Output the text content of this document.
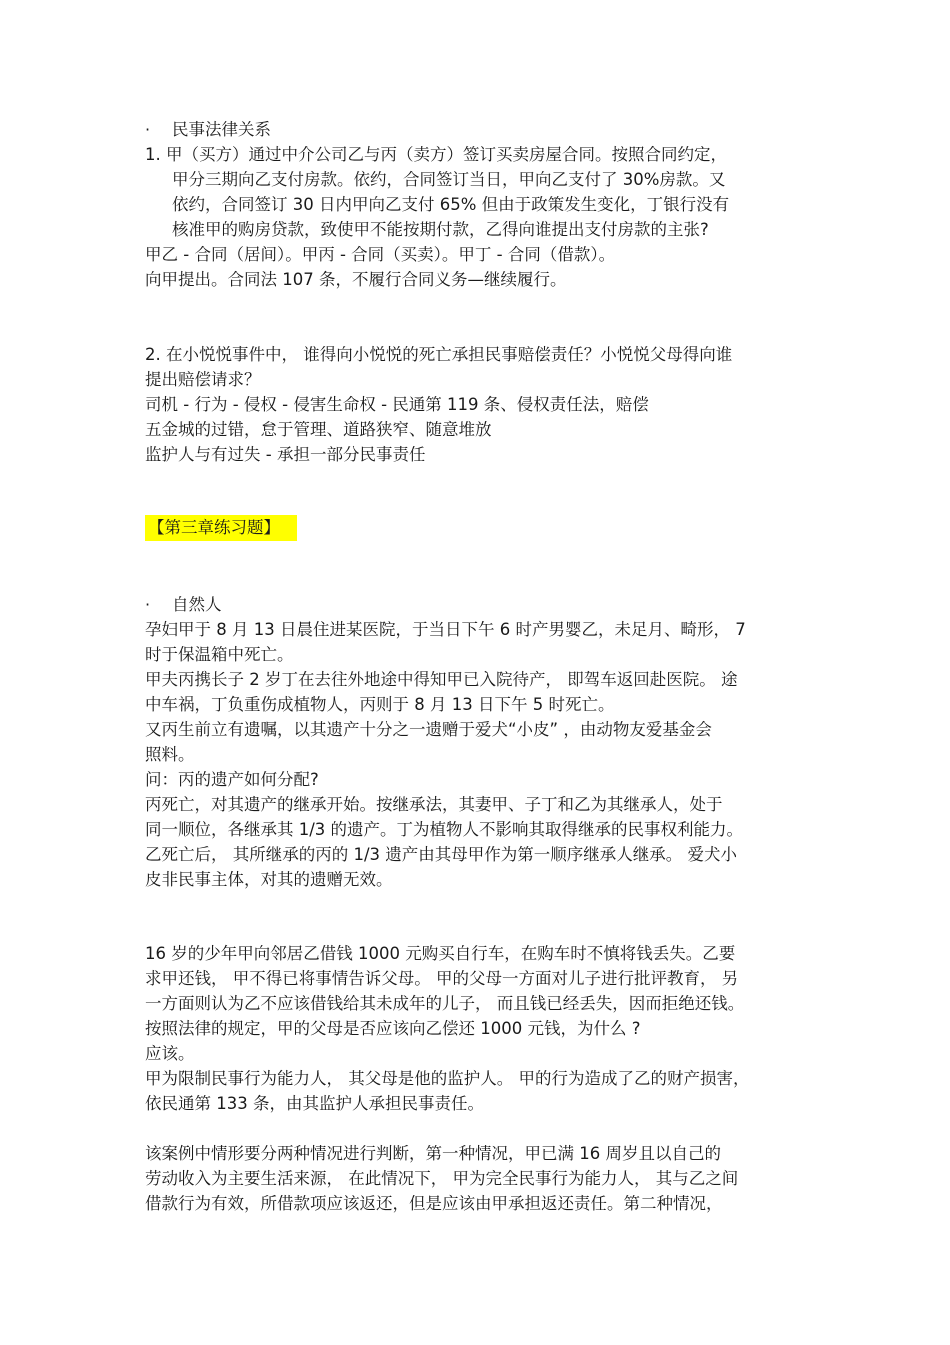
· 民事法律关系
1. 甲（买方）通过中介公司乙与丙（卖方）签订买卖房屋合同。按照合同约定，
甲分三期向乙支付房款。依约，合同签订当日，甲向乙支付了 30%房款。又
依约，合同签订 30 日内甲向乙支付 65% 但由于政策发生变化，丁银行没有
核准甲的购房贷款，致使甲不能按期付款，乙得向谁提出支付房款的主张?
甲乙 - 合同（居间）。甲丙 - 合同（买卖）。甲丁 - 合同（借款）。
向甲提出。合同法 107 条，不履行合同义务—继续履行。
2. 在小悦悦事件中， 谁得向小悦悦的死亡承担民事赔偿责任？小悦悦父母得向谁
提出赔偿请求？
司机 - 行为 - 侵权 - 侵害生命权 - 民通第 119 条、侵权责任法，赔偿
五金城的过错，怠于管理、道路狭窄、随意堆放
监护人与有过失 - 承担一部分民事责任
【第三章练习题】
· 自然人
孕妇甲于 8 月 13 日晨住进某医院，于当日下午 6 时产男婴乙，未足月、畸形， 7
时于保温箱中死亡。
甲夫丙携长子 2 岁丁在去往外地途中得知甲已入院待产， 即驾车返回赴医院。 途
中车祸，丁负重伤成植物人，丙则于 8 月 13 日下午 5 时死亡。
又丙生前立有遗嘱，以其遗产十分之一遗赠于爱犬“小皮” ，由动物友爱基金会
照料。
问：丙的遗产如何分配?
丙死亡，对其遗产的继承开始。按继承法，其妻甲、子丁和乙为其继承人，处于
同一顺位，各继承其 1/3 的遗产。丁为植物人不影响其取得继承的民事权利能力。
乙死亡后， 其所继承的丙的 1/3 遗产由其母甲作为第一顺序继承人继承。 爱犬小
皮非民事主体，对其的遗赠无效。
16 岁的少年甲向邻居乙借钱 1000 元购买自行车，在购车时不慎将钱丢失。乙要
求甲还钱， 甲不得已将事情告诉父母。 甲的父母一方面对儿子进行批评教育， 另
一方面则认为乙不应该借钱给其未成年的儿子， 而且钱已经丢失，因而拒绝还钱。
按照法律的规定，甲的父母是否应该向乙偿还 1000 元钱，为什么 ?
应该。
甲为限制民事行为能力人， 其父母是他的监护人。 甲的行为造成了乙的财产损害，
依民通第 133 条，由其监护人承担民事责任。
该案例中情形要分两种情况进行判断，第一种情况，甲已满 16 周岁且以自己的
劳动收入为主要生活来源， 在此情况下， 甲为完全民事行为能力人， 其与乙之间
借款行为有效，所借款项应该返还，但是应该由甲承担返还责任。第二种情况，
